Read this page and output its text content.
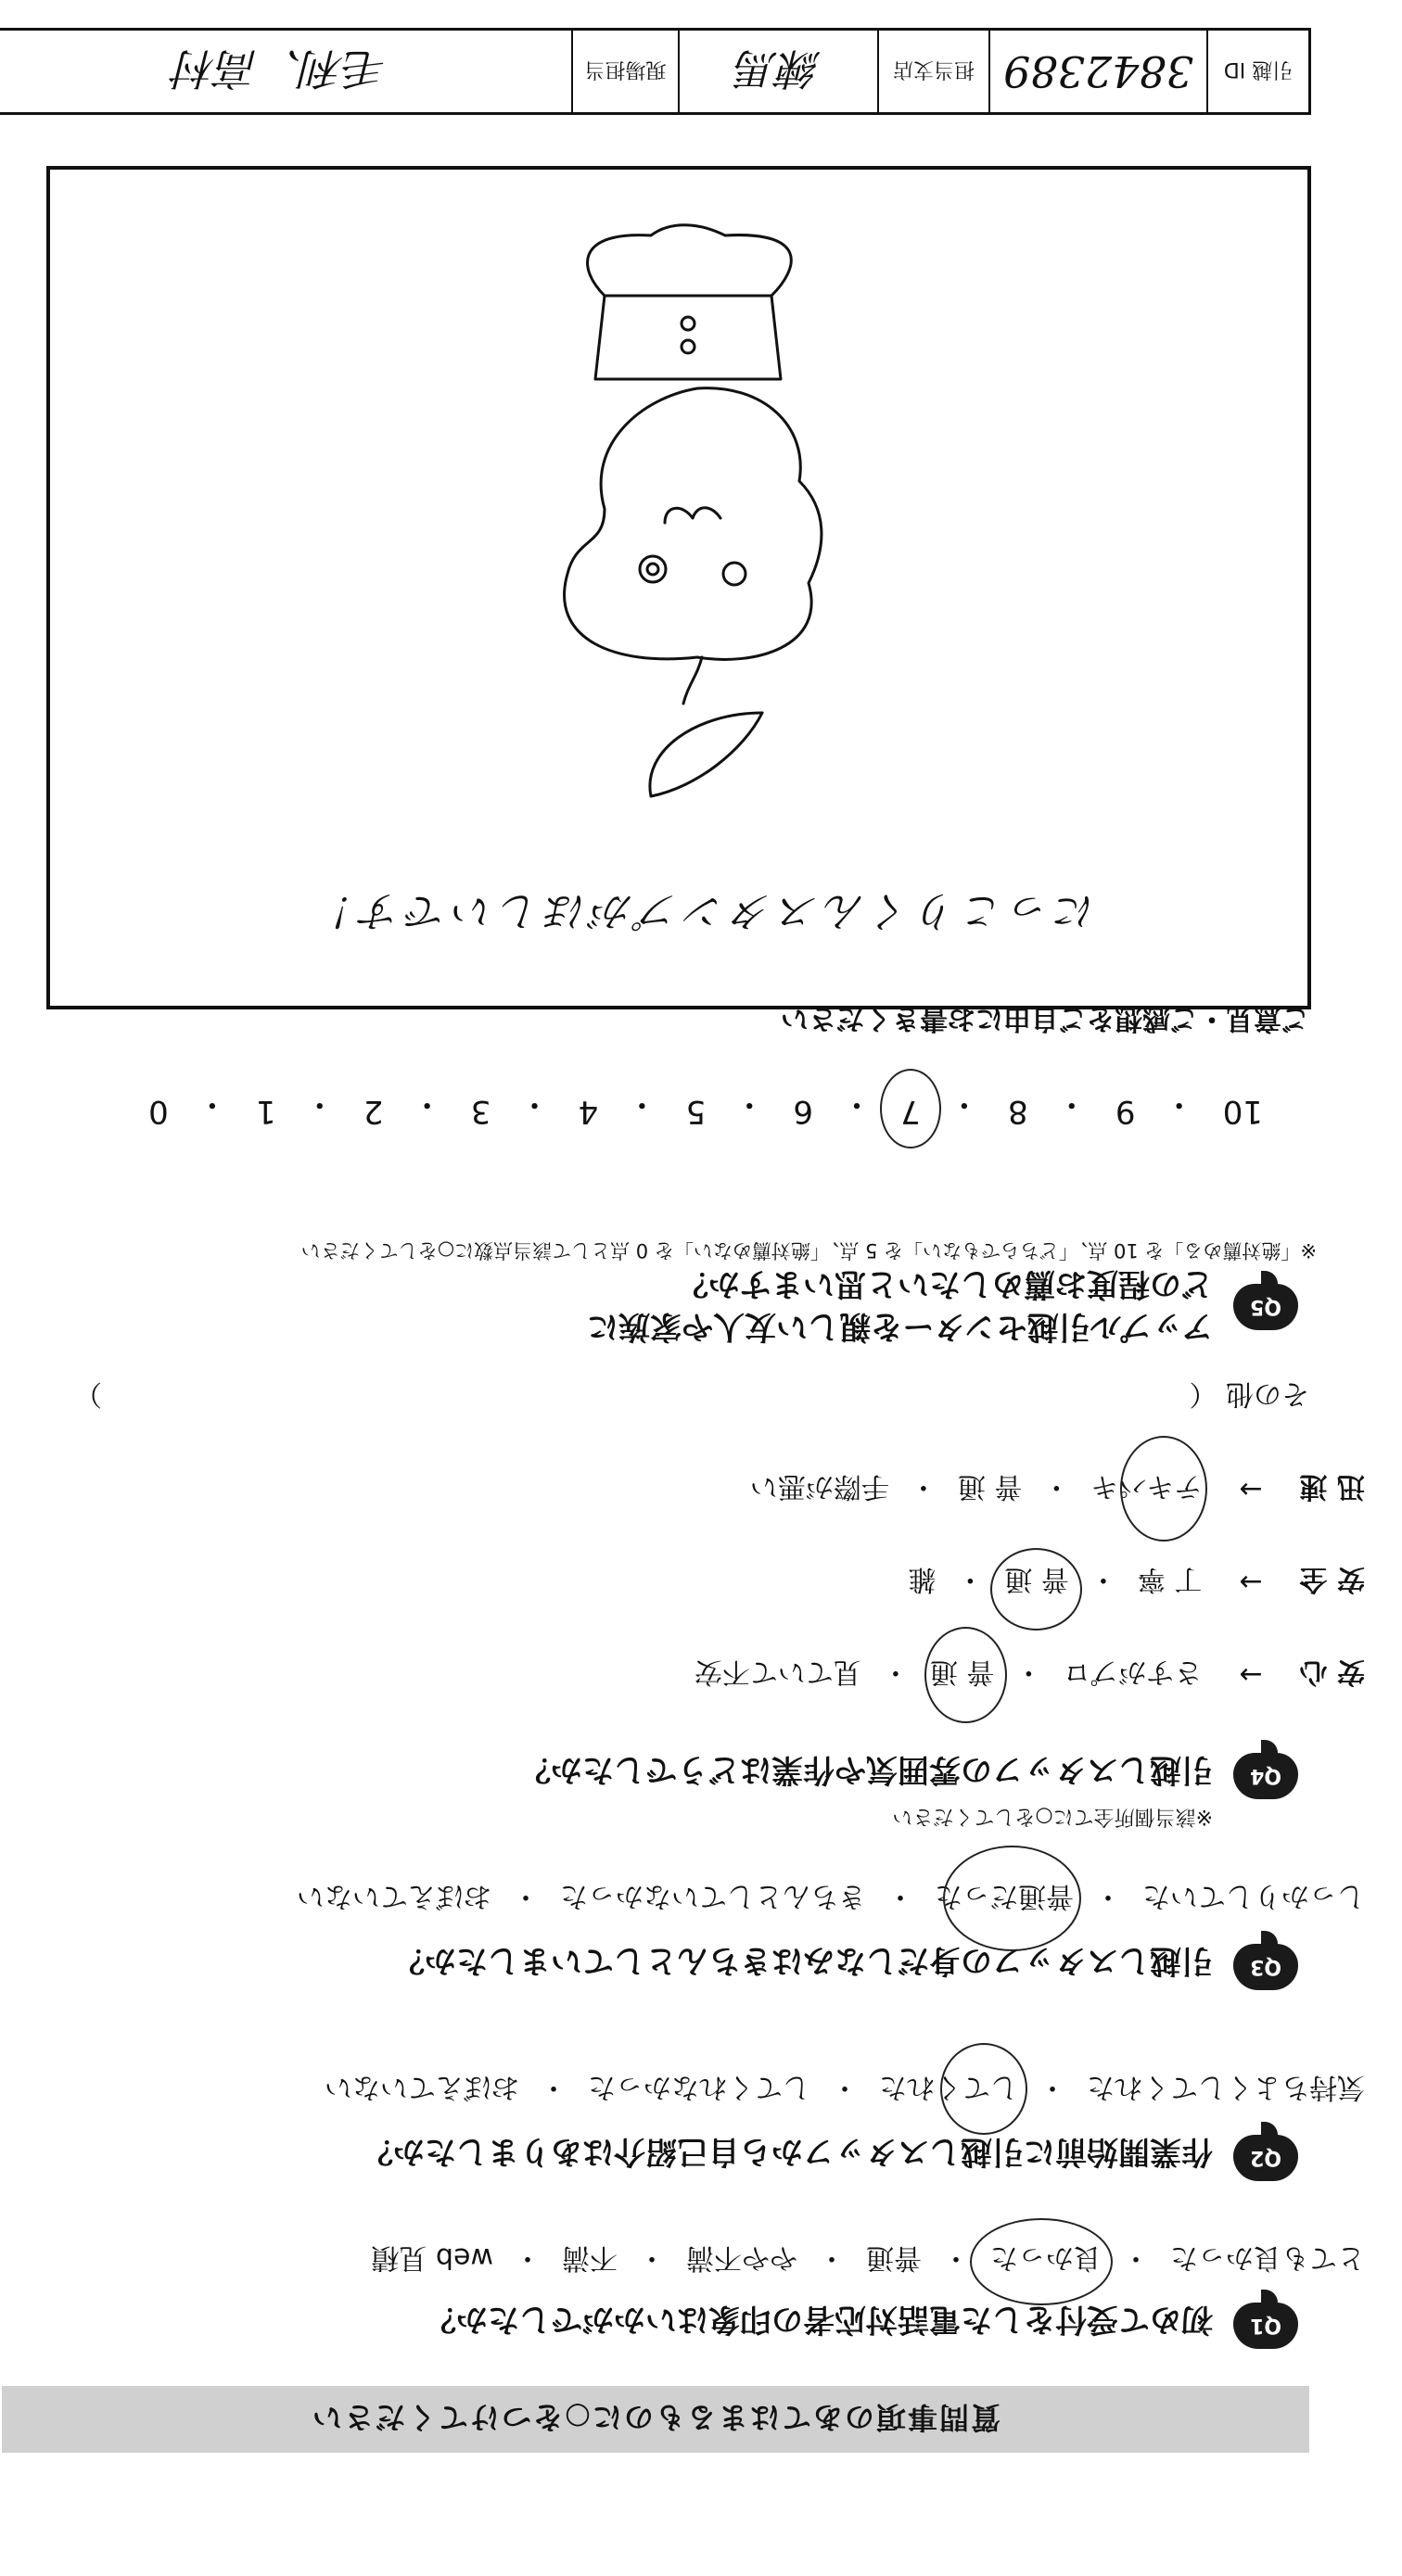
質問事項のあてはまるものに○をつけてください
Q1
初めて受付をした電話対応者の印象はいかがでしたか？
とても良かった
・
良かった
・
普通
・
やや不満
・
不満
・
web 見積
Q2
作業開始前に引越しスタッフから自己紹介はありましたか？
気持ちよくしてくれた
・
してくれた
・
してくれなかった
・
おぼえていない
Q3
引越しスタッフの身だしなみはきちんとしていましたか？
しっかりしていた
・
普通だった
・
きちんとしていなかった
・
おぼえていない
Q4
※該当個所全てに○をしてください
引越しスタッフの雰囲気や作業はどうでしたか？
安 心
→
さすがプロ
・
普 通
・
見ていて不安
安 全
→
丁 寧
・
普 通
・
雑
迅 速
→
テキパキ
・
普 通
・
手際が悪い
その他 （
）
Q5
アップル引越センターを親しい友人や家族に
どの程度お薦めしたいと思いますか？
※「絶対薦める」を 10 点、「どちらでもない」を 5 点、「絶対薦めない」を 0 点として該当点数に○をしてください
10
・
9
・
8
・
7
・
6
・
5
・
4
・
3
・
2
・
1
・
0
ご意見・ご感想をご自由にお書きください
にっこりくんスタンプがほしいです！
引越 ID
3842389
担当支店
練馬
現場担当
毛利、高村
